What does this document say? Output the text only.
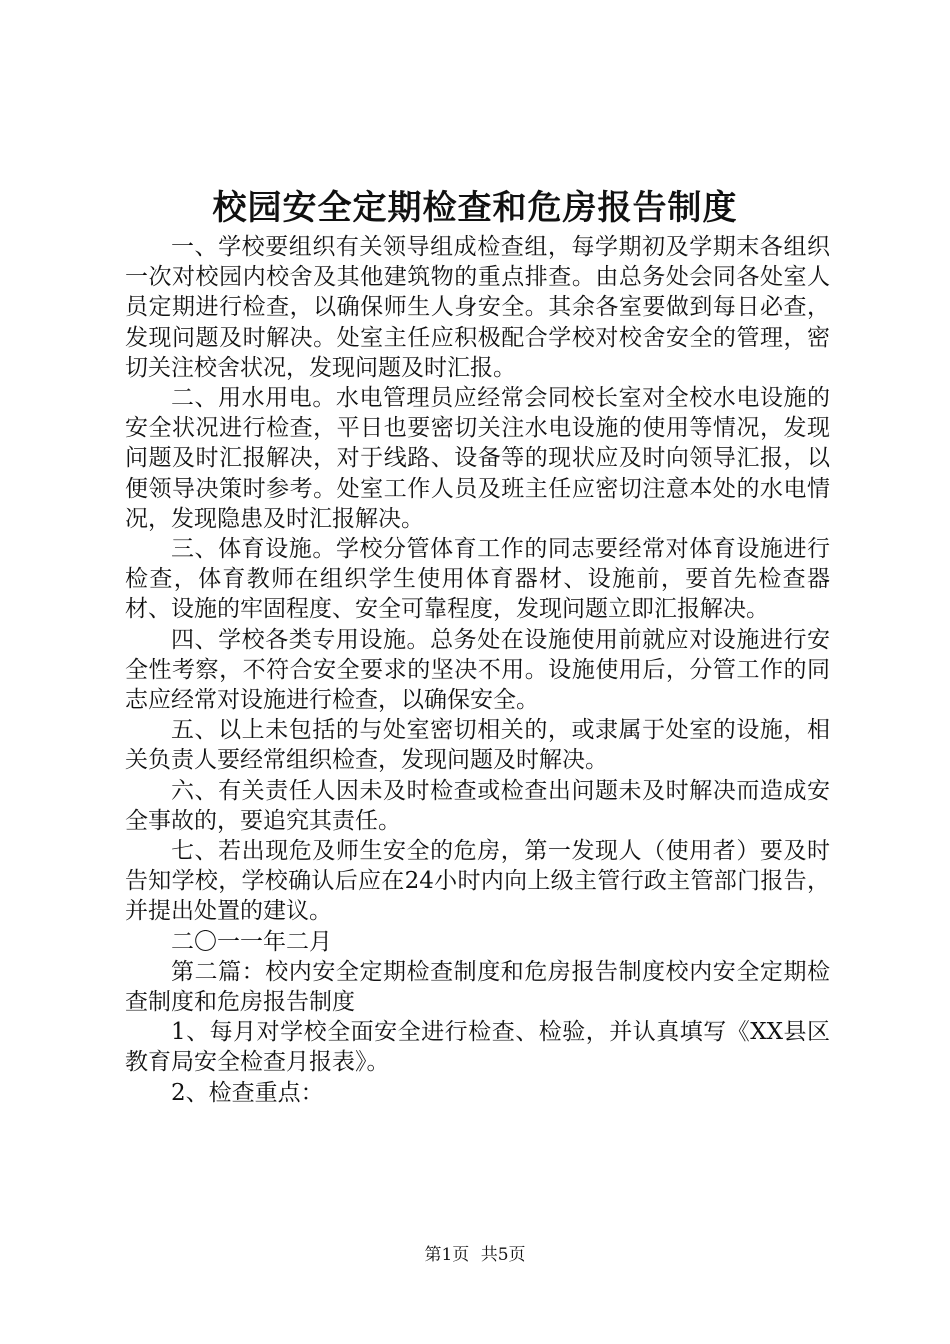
校园安全定期检查和危房报告制度

一、学校要组织有关领导组成检查组，每学期初及学期末各组织一次对校园内校舍及其他建筑物的重点排查。由总务处会同各处室人员定期进行检查，以确保师生人身安全。其余各室要做到每日必查，发现问题及时解决。处室主任应积极配合学校对校舍安全的管理，密切关注校舍状况，发现问题及时汇报。

二、用水用电。水电管理员应经常会同校长室对全校水电设施的安全状况进行检查，平日也要密切关注水电设施的使用等情况，发现问题及时汇报解决，对于线路、设备等的现状应及时向领导汇报，以便领导决策时参考。处室工作人员及班主任应密切注意本处的水电情况，发现隐患及时汇报解决。

三、体育设施。学校分管体育工作的同志要经常对体育设施进行检查，体育教师在组织学生使用体育器材、设施前，要首先检查器材、设施的牢固程度、安全可靠程度，发现问题立即汇报解决。

四、学校各类专用设施。总务处在设施使用前就应对设施进行安全性考察，不符合安全要求的坚决不用。设施使用后，分管工作的同志应经常对设施进行检查，以确保安全。

五、以上未包括的与处室密切相关的，或隶属于处室的设施，相关负责人要经常组织检查，发现问题及时解决。

六、有关责任人因未及时检查或检查出问题未及时解决而造成安全事故的，要追究其责任。

七、若出现危及师生安全的危房，第一发现人（使用者）要及时告知学校，学校确认后应在24小时内向上级主管行政主管部门报告，并提出处置的建议。

二〇一一年二月

第二篇：校内安全定期检查制度和危房报告制度校内安全定期检查制度和危房报告制度

1、每月对学校全面安全进行检查、检验，并认真填写《XX县区教育局安全检查月报表》。

2、检查重点：

第1页 共5页
